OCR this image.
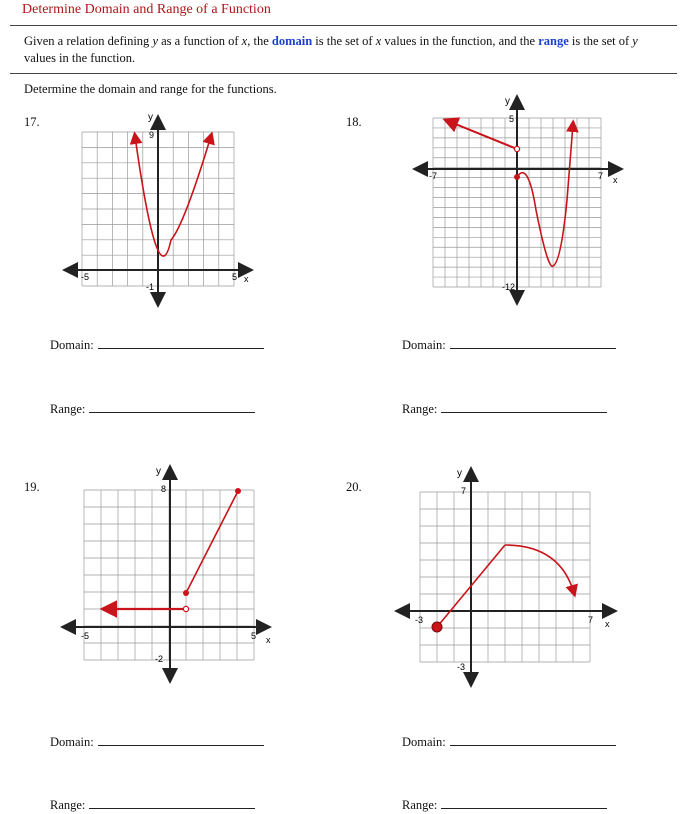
Determine Domain and Range of a Function
Given a relation defining y as a function of x, the domain is the set of x values in the function, and the range is the set of y values in the function.
Determine the domain and range for the functions.
17.	18.
19.	20.
Domain:
Range:
Domain:
Range:
Domain:
Range:
Domain:
Range:
y
9
-1
-5	5 x
y
5
-12
-7	7 x
y
8
-2
-5	5 x
y
7
-3
-3	7 x
